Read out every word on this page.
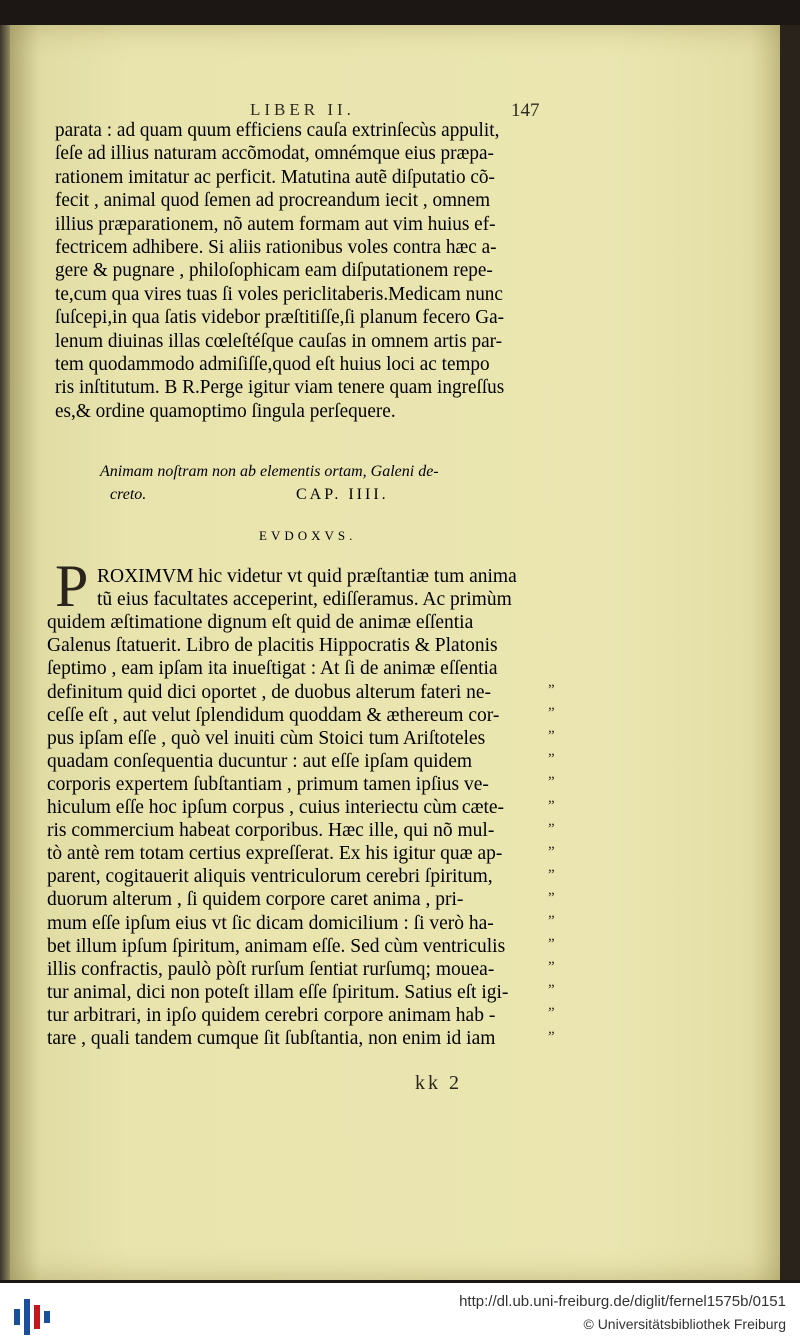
LIBER II.	147
parata : ad quam quum efficiens cauſa extrinſecùs appulit,
ſeſe ad illius naturam accõmodat, omnémque eius præpa-
rationem imitatur ac perficit. Matutina autẽ diſputatio cõ-
fecit , animal quod ſemen ad procreandum iecit , omnem
illius præparationem, nõ autem formam aut vim huius ef-
fectricem adhibere. Si aliis rationibus voles contra hæc a-
gere & pugnare , philoſophicam eam diſputationem repe-
te,cum qua vires tuas ſi voles periclitaberis.Medicam nunc
ſuſcepi,in qua ſatis videbor præſtitiſſe,ſi planum fecero Ga-
lenum diuinas illas cœleſtéſque cauſas in omnem artis par-
tem quodammodo admiſiſſe,quod eſt huius loci ac tempo
ris inſtitutum. B R.Perge igitur viam tenere quam ingreſſus
es,& ordine quamoptimo ſingula perſequere.
Animam noſtram non ab elementis ortam, Galeni de-
creto.	CAP. IIII.
EVDOXVS.
P ROXIMVM hic videtur vt quid præſtantiæ tum anima
tũ eius facultates acceperint, ediſſeramus. Ac primùm
quidem æſtimatione dignum eſt quid de animæ eſſentia
Galenus ſtatuerit. Libro de placitis Hippocratis & Platonis
ſeptimo , eam ipſam ita inueſtigat : At ſi de animæ eſſentia
definitum quid dici oportet , de duobus alterum fateri ne-
ceſſe eſt , aut velut ſplendidum quoddam & æthereum cor-
pus ipſam eſſe , quò vel inuiti cùm Stoici tum Ariſtoteles
quadam conſequentia ducuntur : aut eſſe ipſam quidem
corporis expertem ſubſtantiam , primum tamen ipſius ve-
hiculum eſſe hoc ipſum corpus , cuius interiectu cùm cæte-
ris commercium habeat corporibus. Hæc ille, qui nõ mul-
tò antè rem totam certius expreſſerat. Ex his igitur quæ ap-
parent, cogitauerit aliquis ventriculorum cerebri ſpiritum,
duorum alterum , ſi quidem corpore caret anima , pri-
mum eſſe ipſum eius vt ſic dicam domicilium : ſi verò ha-
bet illum ipſum ſpiritum, animam eſſe. Sed cùm ventriculis
illis confractis, paulò pòſt rurſum ſentiat rurſumq; mouea-
tur animal, dici non poteſt illam eſſe ſpiritum. Satius eſt igi-
tur arbitrari, in ipſo quidem cerebri corpore animam hab -
tare , quali tandem cumque ſit ſubſtantia, non enim id iam
”
”
”
”
”
”
”
”
”
”
”
”
”
”
”
”
kk 2
http://dl.ub.uni-freiburg.de/diglit/fernel1575b/0151
© Universitätsbibliothek Freiburg
